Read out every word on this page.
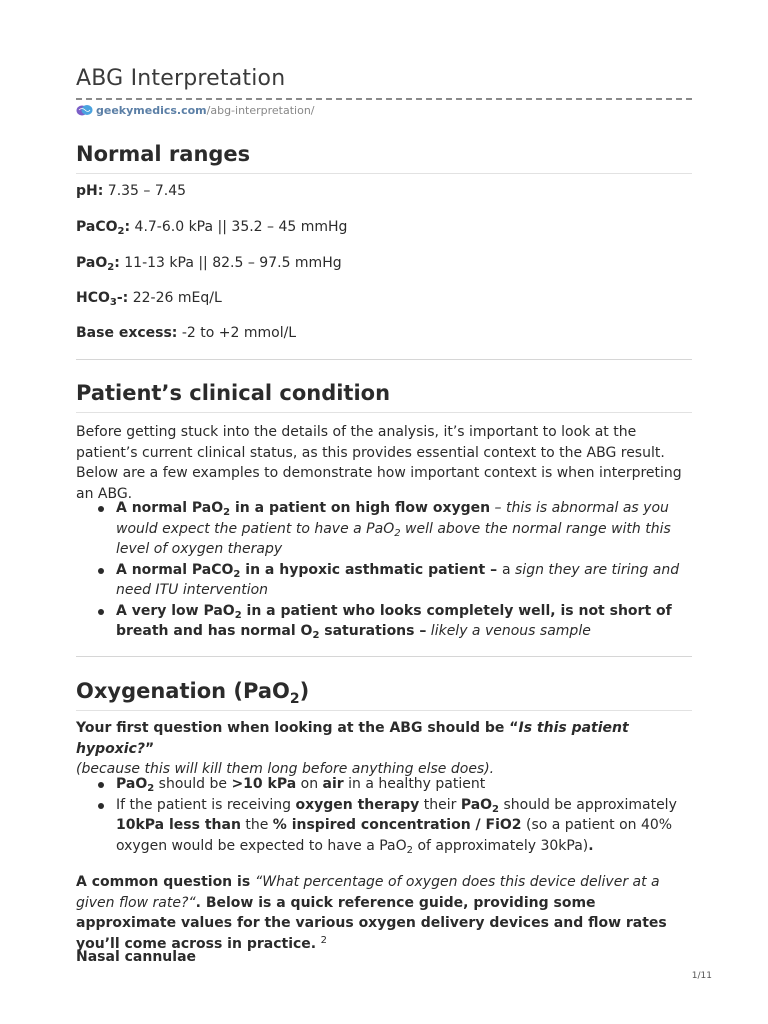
ABG Interpretation
geekymedics.com /abg-interpretation/
Normal ranges
pH: 7.35 – 7.45
PaCO$_2$: 4.7-6.0 kPa || 35.2 – 45 mmHg
PaO$_2$: 11-13 kPa || 82.5 – 97.5 mmHg
$HCO_3-$: 22-26 mEq/L
Base excess: -2 to +2 mmol/L
Patient’s clinical condition
Before getting stuck into the details of the analysis, it’s important to look at the patient’s current clinical status, as this provides essential context to the ABG result. Below are a few examples to demonstrate how important context is when interpreting an ABG.
A normal PaO$_2$ in a patient on high flow oxygen – this is abnormal as you would expect the patient to have a PaO$_2$ well above the normal range with this level of oxygen therapy
A normal PaCO$_2$ in a hypoxic asthmatic patient – a sign they are tiring and need ITU intervention
A very low PaO$_2$ in a patient who looks completely well, is not short of breath and has normal $O_2$ saturations – likely a venous sample
Oxygenation (PaO$_2$)
Your first question when looking at the ABG should be “Is this patient hypoxic?”
(because this will kill them long before anything else does).
PaO$_2$ should be >10 kPa on air in a healthy patient
If the patient is receiving oxygen therapy their PaO$_2$ should be approximately 10kPa less than the % inspired concentration / FiO2 (so a patient on 40% oxygen would be expected to have a PaO$_2$ of approximately 30kPa).
A common question is “What percentage of oxygen does this device deliver at a given flow rate?“. Below is a quick reference guide, providing some approximate values for the various oxygen delivery devices and flow rates you’ll come across in practice. $^2$
Nasal cannulae
1/11
